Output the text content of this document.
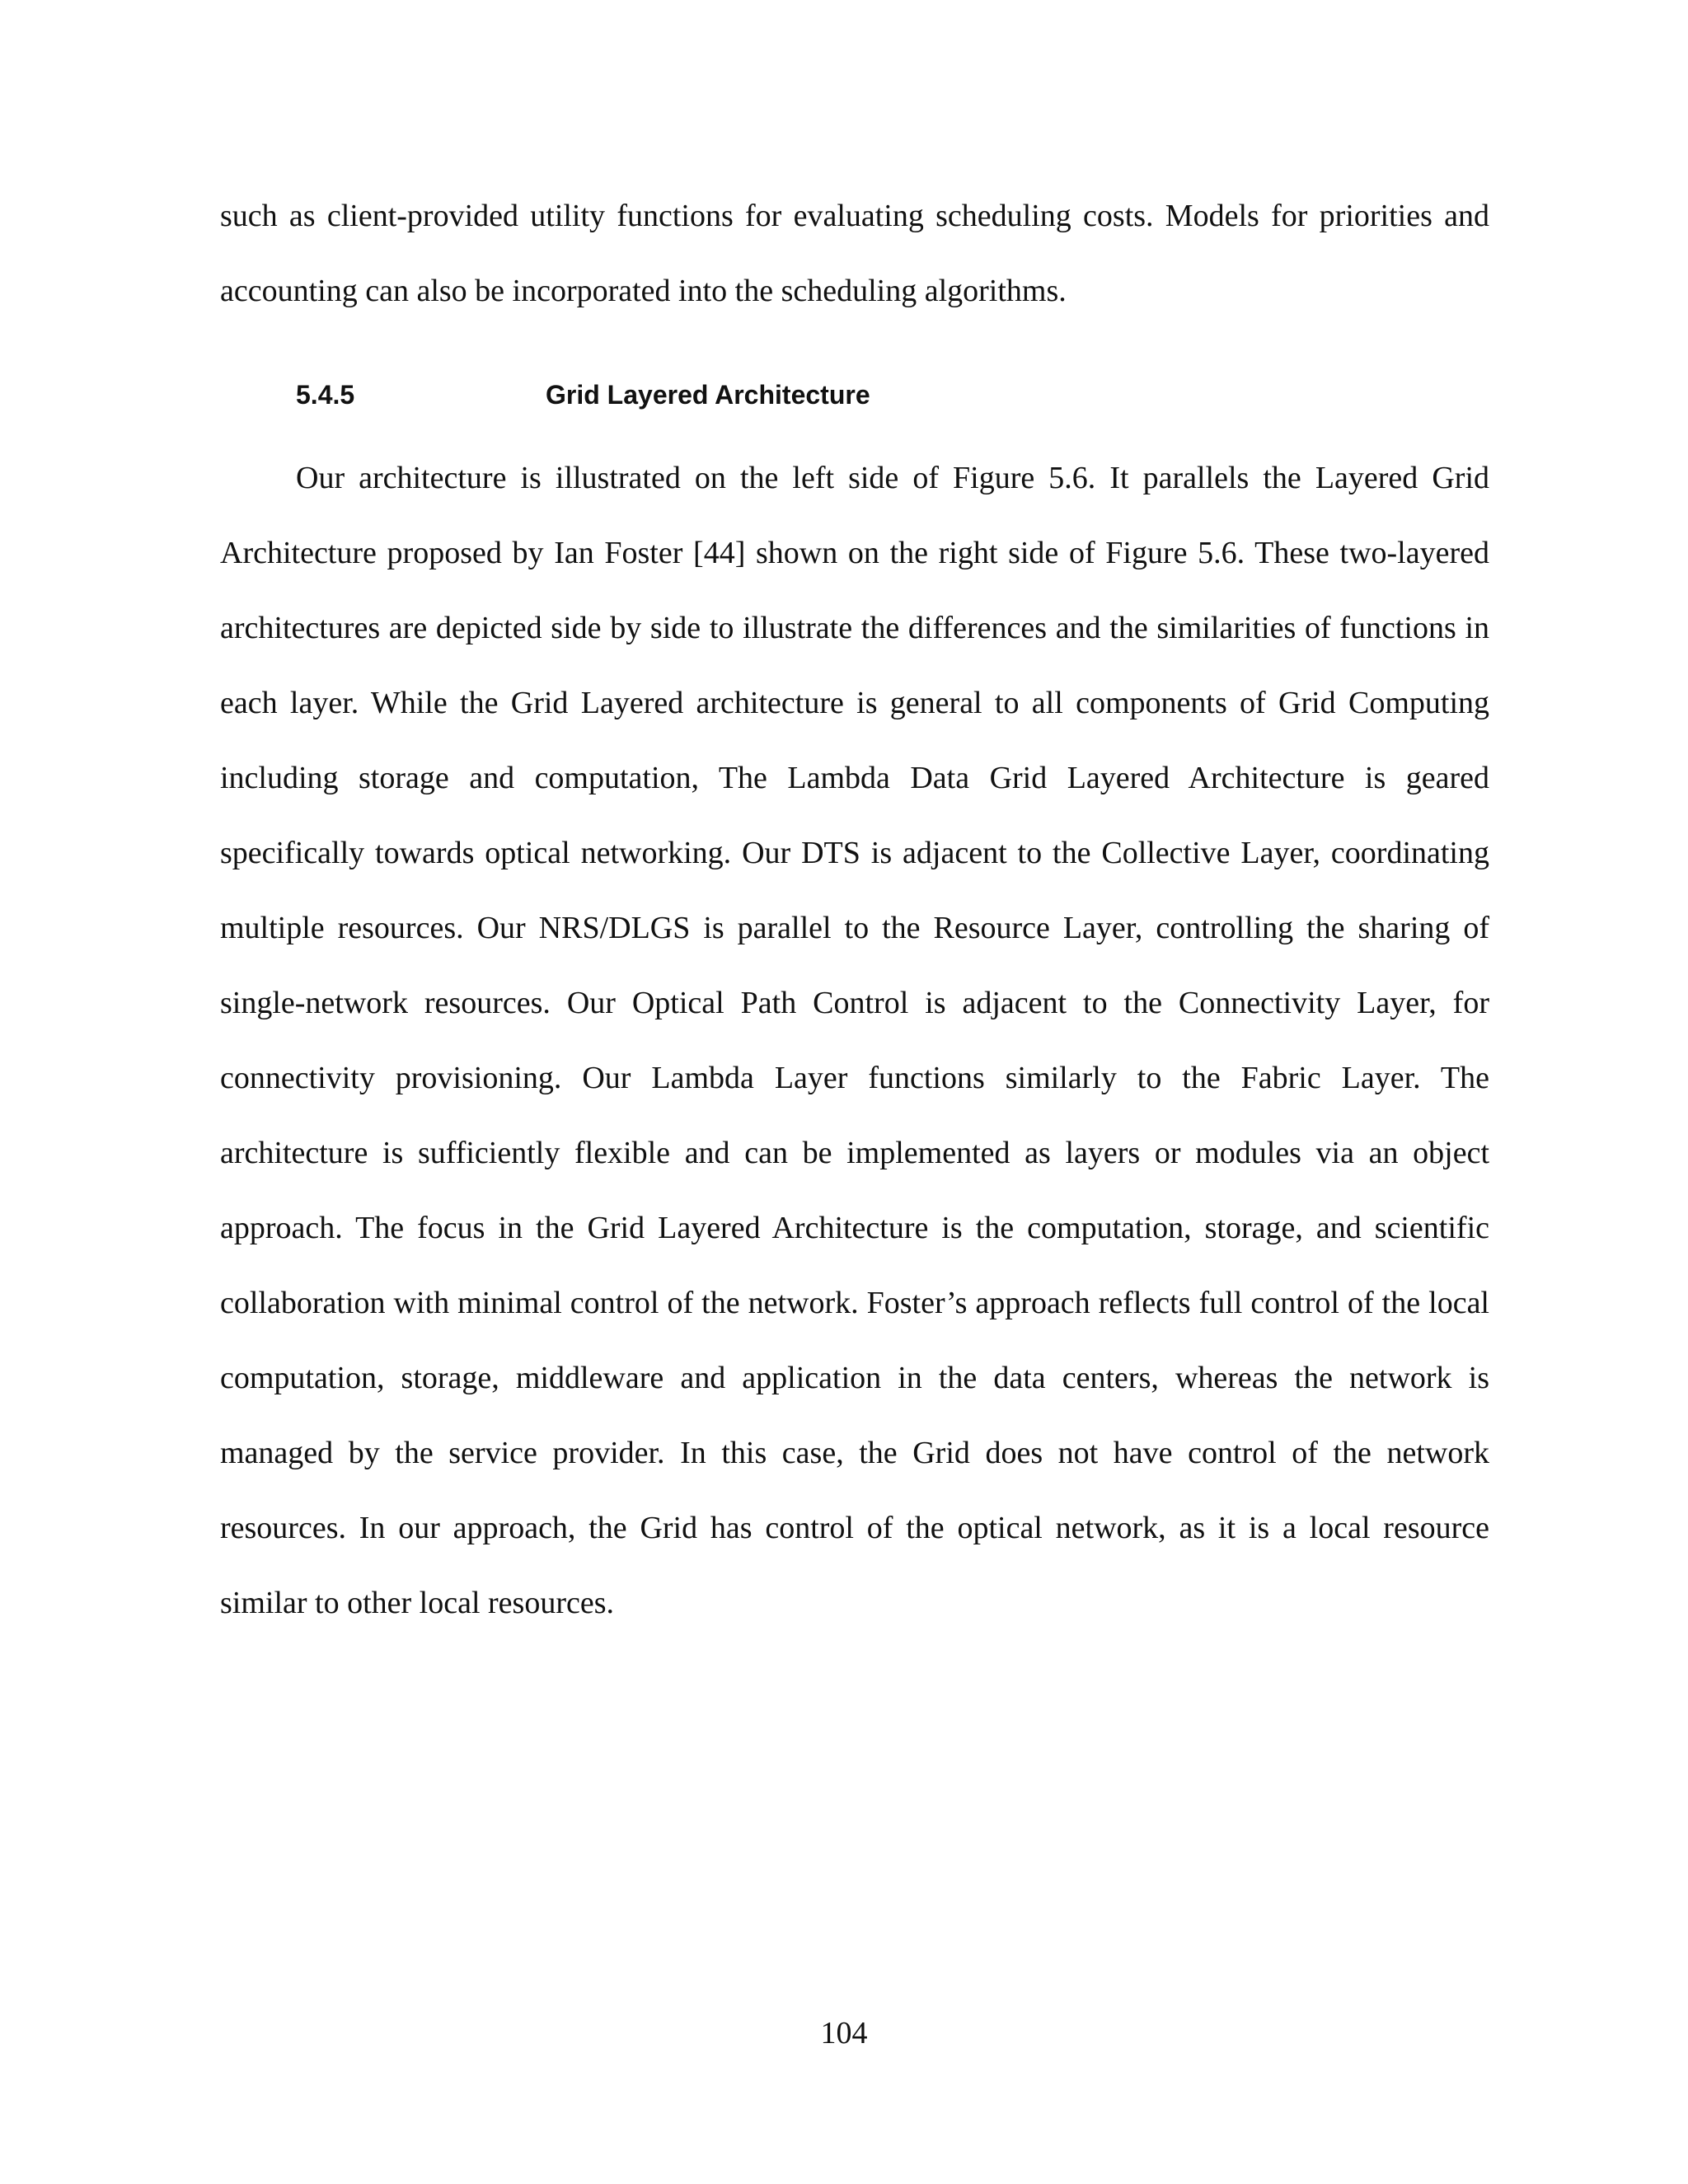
such as client-provided utility functions for evaluating scheduling costs. Models for priorities and accounting can also be incorporated into the scheduling algorithms.

5.4.5	Grid Layered Architecture

Our architecture is illustrated on the left side of Figure 5.6. It parallels the Layered Grid Architecture proposed by Ian Foster [44] shown on the right side of Figure 5.6. These two-layered architectures are depicted side by side to illustrate the differences and the similarities of functions in each layer. While the Grid Layered architecture is general to all components of Grid Computing including storage and computation, The Lambda Data Grid Layered Architecture is geared specifically towards optical networking. Our DTS is adjacent to the Collective Layer, coordinating multiple resources. Our NRS/DLGS is parallel to the Resource Layer, controlling the sharing of single-network resources. Our Optical Path Control is adjacent to the Connectivity Layer, for connectivity provisioning. Our Lambda Layer functions similarly to the Fabric Layer. The architecture is sufficiently flexible and can be implemented as layers or modules via an object approach. The focus in the Grid Layered Architecture is the computation, storage, and scientific collaboration with minimal control of the network. Foster’s approach reflects full control of the local computation, storage, middleware and application in the data centers, whereas the network is managed by the service provider. In this case, the Grid does not have control of the network resources. In our approach, the Grid has control of the optical network, as it is a local resource similar to other local resources.

104
